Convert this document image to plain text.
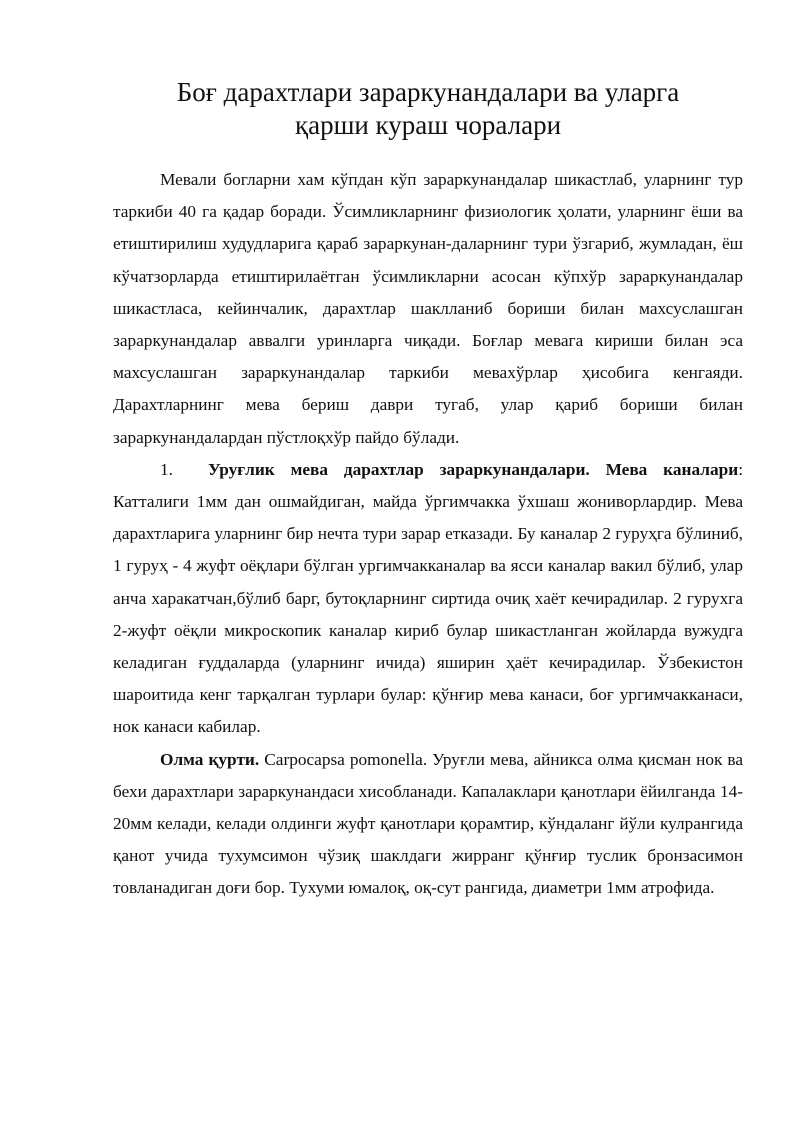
Боғ дарахтлари зараркунандалари ва уларга
қарши кураш чоралари

Мевали богларни хам кўпдан кўп зараркунандалар шикастлаб, уларнинг тур таркиби 40 га қадар боради. Ўсимликларнинг физиологик ҳолати, уларнинг ёши ва етиштирилиш худудларига қараб зараркунан-даларнинг тури ўзгариб, жумладан, ёш кўчатзорларда етиштирилаётган ўсимликларни асосан кўпхўр зараркунандалар шикастласа, кейинчалик, дарахтлар шаклланиб бориши билан махсуслашган зараркунандалар аввалги уринларга чиқади. Боғлар мевага кириши билан эса махсуслашган зараркунандалар таркиби мевахўрлар ҳисобига кенгаяди. Дарахтларнинг мева бериш даври тугаб, улар қариб бориши билан зараркунандалардан пўстлоқхўр пайдо бўлади.

1. Уруғлик мева дарахтлар зараркунандалари. Мева каналари: Катталиги 1мм дан ошмайдиган, майда ўргимчакка ўхшаш жониворлардир. Мева дарахтларига уларнинг бир нечта тури зарар етказади. Бу каналар 2 гуруҳга бўлиниб, 1 гуруҳ - 4 жуфт оёқлари бўлган ургимчакканалар ва ясси каналар вакил бўлиб, улар анча харакатчан,бўлиб барг, бутоқларнинг сиртида очиқ хаёт кечирадилар. 2 гурухга 2-жуфт оёқли микроскопик каналар кириб булар шикастланган жойларда вужудга келадиган ғуддаларда (уларнинг ичида) яширин ҳаёт кечирадилар. Ўзбекистон шароитида кенг тарқалган турлари булар: қўнғир мева канаси, боғ ургимчакканаси, нок канаси кабилар.

Олма қурти. Carpocapsa pomonella. Уруғли мева, айникса олма қисман нок ва бехи дарахтлари зараркунандаси хисобланади. Капалаклари қанотлари ёйилганда 14-20мм келади, келади олдинги жуфт қанотлари қорамтир, кўндаланг йўли кулрангида қанот учида тухумсимон чўзиқ шаклдаги жирранг қўнғир туслик бронзасимон товланадиган доғи бор. Тухуми юмалоқ, оқ-сут рангида, диаметри 1мм атрофида.
